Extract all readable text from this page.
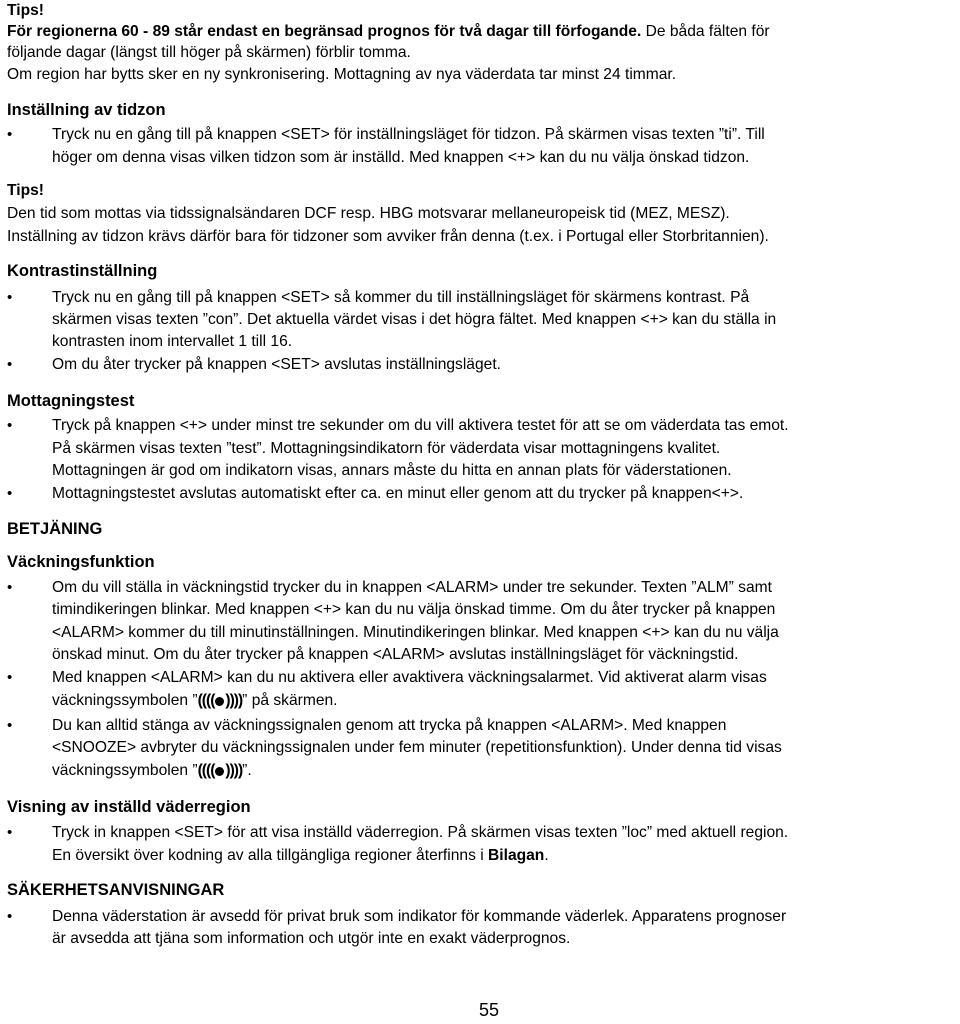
Tips!
För regionerna 60 - 89 står endast en begränsad prognos för två dagar till förfogande. De båda fälten för
följande dagar (längst till höger på skärmen) förblir tomma.
Om region har bytts sker en ny synkronisering. Mottagning av nya väderdata tar minst 24 timmar.
Inställning av tidzon
•	Tryck nu en gång till på knappen <SET> för inställningsläget för tidzon. På skärmen visas texten ”ti”. Till
höger om denna visas vilken tidzon som är inställd. Med knappen <+> kan du nu välja önskad tidzon.
Tips!
Den tid som mottas via tidssignalsändaren DCF resp. HBG motsvarar mellaneuropeisk tid (MEZ, MESZ).
Inställning av tidzon krävs därför bara för tidzoner som avviker från denna (t.ex. i Portugal eller Storbritannien).
Kontrastinställning
•	Tryck nu en gång till på knappen <SET> så kommer du till inställningsläget för skärmens kontrast. På
skärmen visas texten ”con”. Det aktuella värdet visas i det högra fältet. Med knappen <+> kan du ställa in
kontrasten inom intervallet 1 till 16.
•	Om du åter trycker på knappen <SET> avslutas inställningsläget.
Mottagningstest
•	Tryck på knappen <+> under minst tre sekunder om du vill aktivera testet för att se om väderdata tas emot.
På skärmen visas texten ”test”. Mottagningsindikatorn för väderdata visar mottagningens kvalitet.
Mottagningen är god om indikatorn visas, annars måste du hitta en annan plats för väderstationen.
•	Mottagningstestet avslutas automatiskt efter ca. en minut eller genom att du trycker på knappen<+>.
BETJÄNING
Väckningsfunktion
•	Om du vill ställa in väckningstid trycker du in knappen <ALARM> under tre sekunder. Texten ”ALM” samt
timindikeringen blinkar. Med knappen <+> kan du nu välja önskad timme. Om du åter trycker på knappen
<ALARM> kommer du till minutinställningen. Minutindikeringen blinkar. Med knappen <+> kan du nu välja
önskad minut. Om du åter trycker på knappen <ALARM> avslutas inställningsläget för väckningstid.
•	Med knappen <ALARM> kan du nu aktivera eller avaktivera väckningsalarmet. Vid aktiverat alarm visas
väckningssymbolen ”(((( ))))” på skärmen.
•	Du kan alltid stänga av väckningssignalen genom att trycka på knappen <ALARM>. Med knappen
<SNOOZE> avbryter du väckningssignalen under fem minuter (repetitionsfunktion). Under denna tid visas
väckningssymbolen ”(((( ))))”.
Visning av inställd väderregion
•	Tryck in knappen <SET> för att visa inställd väderregion. På skärmen visas texten ”loc” med aktuell region.
En översikt över kodning av alla tillgängliga regioner återfinns i Bilagan.
SÄKERHETSANVISNINGAR
•	Denna väderstation är avsedd för privat bruk som indikator för kommande väderlek. Apparatens prognoser
är avsedda att tjäna som information och utgör inte en exakt väderprognos.
55
